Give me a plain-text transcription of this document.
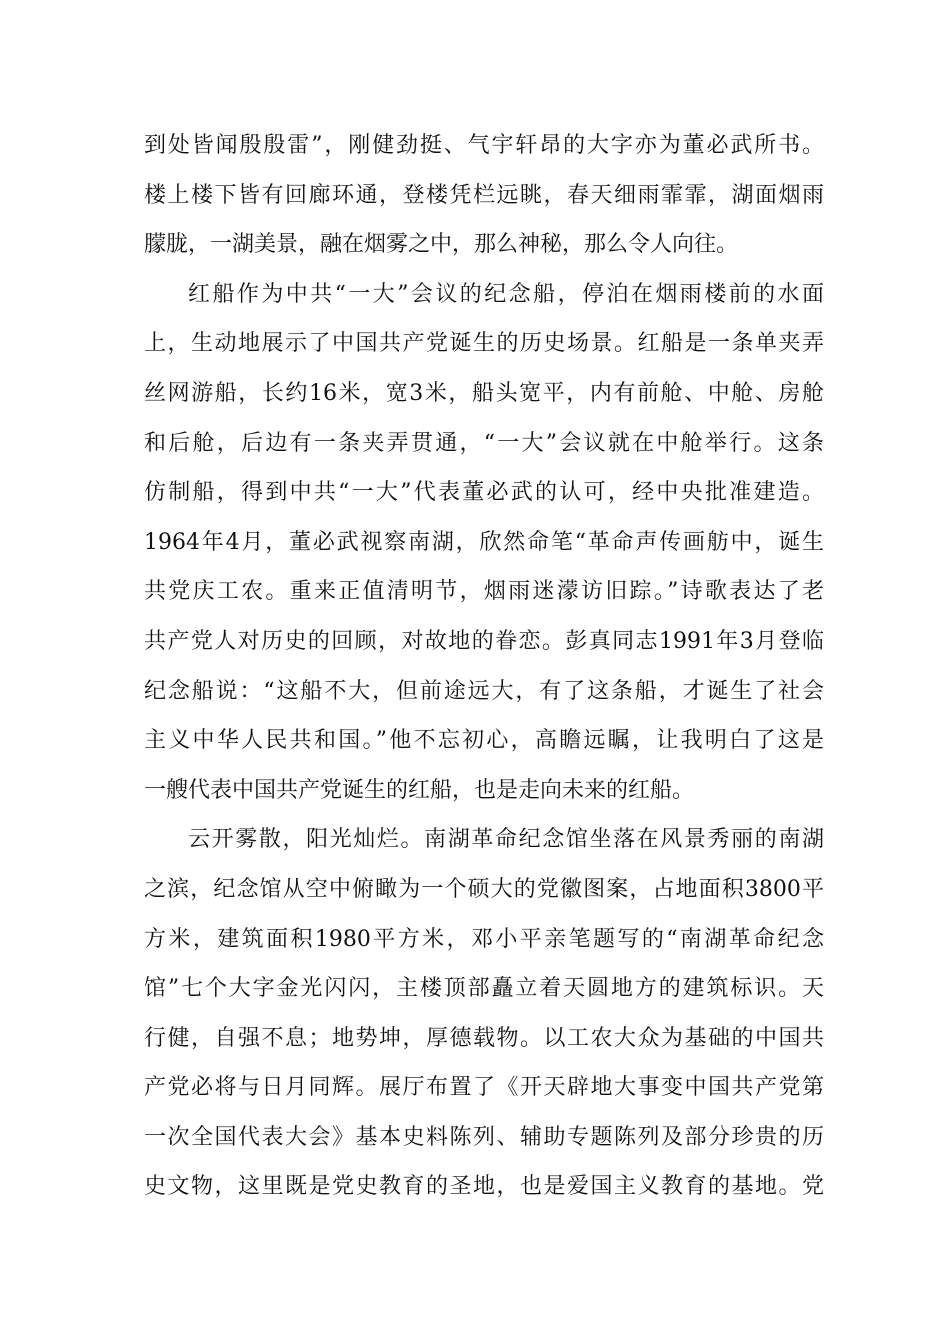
到处皆闻殷殷雷”，刚健劲挺、气宇轩昂的大字亦为董必武所书。
楼上楼下皆有回廊环通，登楼凭栏远眺，春天细雨霏霏，湖面烟雨
朦胧，一湖美景，融在烟雾之中，那么神秘，那么令人向往。
红船作为中共“一大”会议的纪念船，停泊在烟雨楼前的水面
上，生动地展示了中国共产党诞生的历史场景。红船是一条单夹弄
丝网游船，长约16米，宽3米，船头宽平，内有前舱、中舱、房舱
和后舱，后边有一条夹弄贯通，“一大”会议就在中舱举行。这条
仿制船，得到中共“一大”代表董必武的认可，经中央批准建造。
1964年4月，董必武视察南湖，欣然命笔“革命声传画舫中，诞生
共党庆工农。重来正值清明节，烟雨迷濛访旧踪。”诗歌表达了老
共产党人对历史的回顾，对故地的眷恋。彭真同志1991年3月登临
纪念船说：“这船不大，但前途远大，有了这条船，才诞生了社会
主义中华人民共和国。”他不忘初心，高瞻远瞩，让我明白了这是
一艘代表中国共产党诞生的红船，也是走向未来的红船。
云开雾散，阳光灿烂。南湖革命纪念馆坐落在风景秀丽的南湖
之滨，纪念馆从空中俯瞰为一个硕大的党徽图案，占地面积3800平
方米，建筑面积1980平方米，邓小平亲笔题写的“南湖革命纪念
馆”七个大字金光闪闪，主楼顶部矗立着天圆地方的建筑标识。天
行健，自强不息；地势坤，厚德载物。以工农大众为基础的中国共
产党必将与日月同辉。展厅布置了《开天辟地大事变中国共产党第
一次全国代表大会》基本史料陈列、辅助专题陈列及部分珍贵的历
史文物，这里既是党史教育的圣地，也是爱国主义教育的基地。党
